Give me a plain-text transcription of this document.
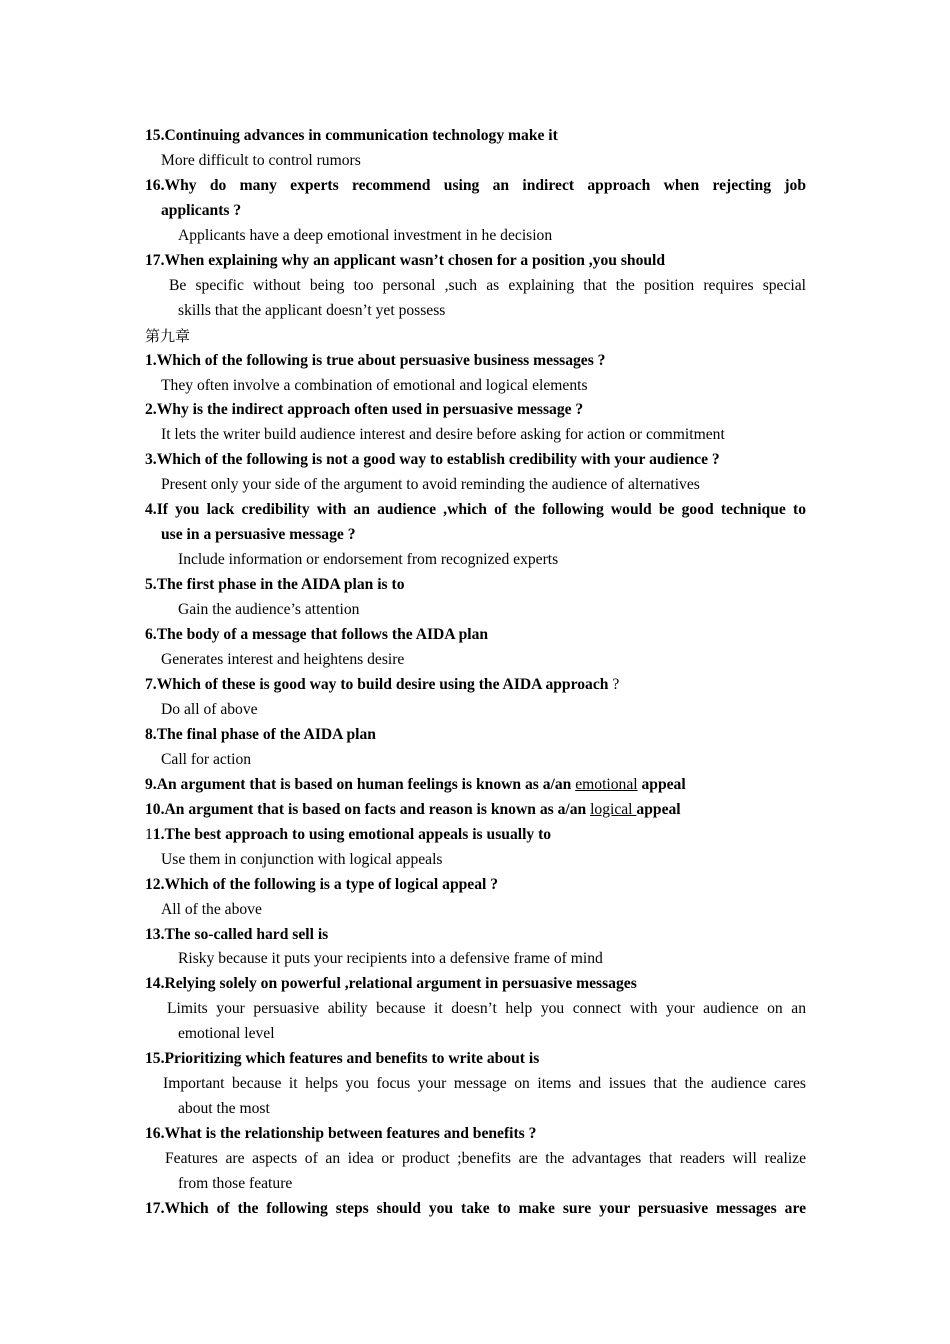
15.Continuing advances in communication technology make it
More difficult to control rumors
16.Why do many experts recommend using an indirect approach when rejecting job
applicants ?
Applicants have a deep emotional investment in he decision
17.When explaining why an applicant wasn’t chosen for a position ,you should
Be specific without being too personal ,such as explaining that the position requires special
skills that the applicant doesn’t yet possess
第九章
1.Which of the following is true about persuasive business messages ?
They often involve a combination of emotional and logical elements
2.Why is the indirect approach often used in persuasive message ?
It lets the writer build audience interest and desire before asking for action or commitment
3.Which of the following is not a good way to establish credibility with your audience ?
Present only your side of the argument to avoid reminding the audience of alternatives
4.If you lack credibility with an audience ,which of the following would be good technique to
use in a persuasive message ?
Include information or endorsement from recognized experts
5.The first phase in the AIDA plan is to
Gain the audience’s attention
6.The body of a message that follows the AIDA plan
Generates interest and heightens desire
7.Which of these is good way to build desire using the AIDA approach ?
Do all of above
8.The final phase of the AIDA plan
Call for action
9.An argument that is based on human feelings is known as a/an emotional appeal
10.An argument that is based on facts and reason is known as a/an logical appeal
11.The best approach to using emotional appeals is usually to
Use them in conjunction with logical appeals
12.Which of the following is a type of logical appeal ?
All of the above
13.The so-called hard sell is
Risky because it puts your recipients into a defensive frame of mind
14.Relying solely on powerful ,relational argument in persuasive messages
Limits your persuasive ability because it doesn’t help you connect with your audience on an
emotional level
15.Prioritizing which features and benefits to write about is
Important because it helps you focus your message on items and issues that the audience cares
about the most
16.What is the relationship between features and benefits ?
Features are aspects of an idea or product ;benefits are the advantages that readers will realize
from those feature
17.Which of the following steps should you take to make sure your persuasive messages are
